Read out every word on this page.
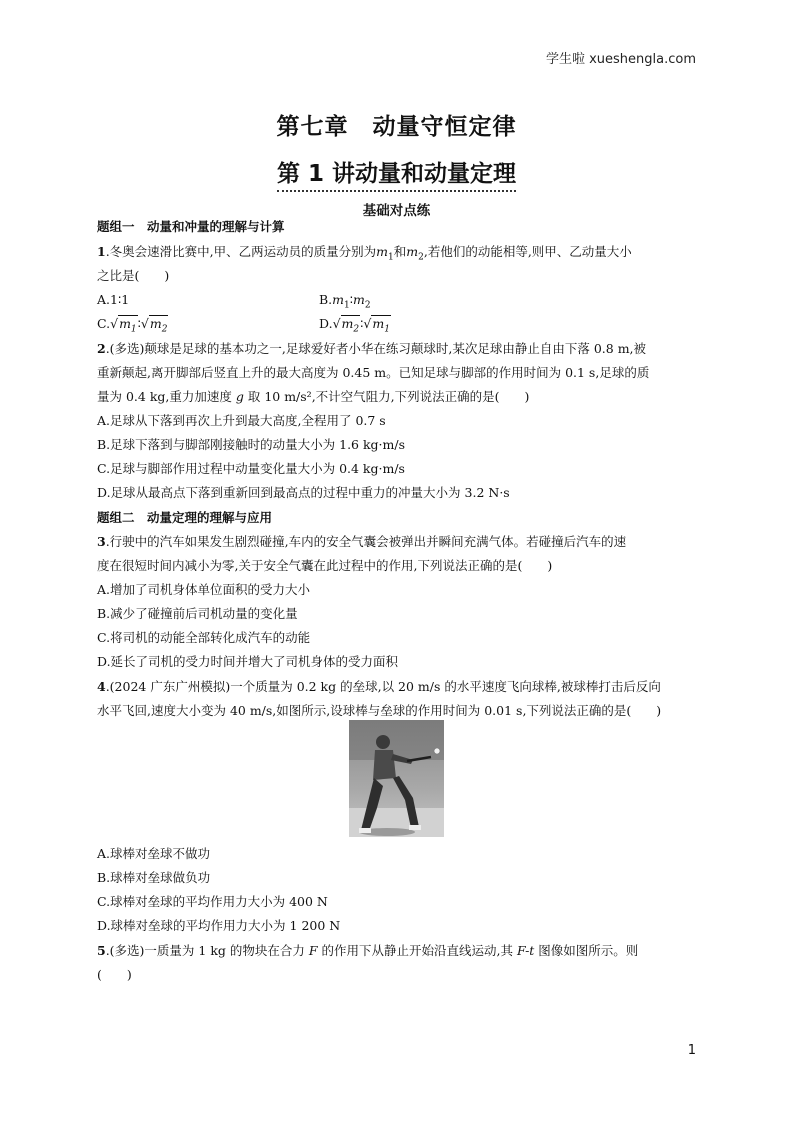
学生啦 xueshengla.com
第七章　动量守恒定律
第 1 讲动量和动量定理
基础对点练
题组一　动量和冲量的理解与计算
1.冬奥会速滑比赛中,甲、乙两运动员的质量分别为$m_1$和$m_2$,若他们的动能相等,则甲、乙动量大小
之比是(　　)
A.1∶1	$B.m_1∶m_2$
$C.√m_1∶√m_2$	$D.√m_2∶√m_1$
2.(多选)颠球是足球的基本功之一,足球爱好者小华在练习颠球时,某次足球由静止自由下落 0.8 m,被
重新颠起,离开脚部后竖直上升的最大高度为 0.45 m。已知足球与脚部的作用时间为 0.1 s,足球的质
量为 0.4 kg,重力加速度 g 取 10 m/s²,不计空气阻力,下列说法正确的是(　　)
A.足球从下落到再次上升到最大高度,全程用了 0.7 s
B.足球下落到与脚部刚接触时的动量大小为 1.6 kg·m/s
C.足球与脚部作用过程中动量变化量大小为 0.4 kg·m/s
D.足球从最高点下落到重新回到最高点的过程中重力的冲量大小为 3.2 N·s
题组二　动量定理的理解与应用
3.行驶中的汽车如果发生剧烈碰撞,车内的安全气囊会被弹出并瞬间充满气体。若碰撞后汽车的速
度在很短时间内减小为零,关于安全气囊在此过程中的作用,下列说法正确的是(　　)
A.增加了司机身体单位面积的受力大小
B.减少了碰撞前后司机动量的变化量
C.将司机的动能全部转化成汽车的动能
D.延长了司机的受力时间并增大了司机身体的受力面积
4.(2024 广东广州模拟)一个质量为 0.2 kg 的垒球,以 20 m/s 的水平速度飞向球棒,被球棒打击后反向
水平飞回,速度大小变为 40 m/s,如图所示,设球棒与垒球的作用时间为 0.01 s,下列说法正确的是(　　)
A.球棒对垒球不做功
B.球棒对垒球做负功
C.球棒对垒球的平均作用力大小为 400 N
D.球棒对垒球的平均作用力大小为 1 200 N
5.(多选)一质量为 1 kg 的物块在合力 F 的作用下从静止开始沿直线运动,其 F-t 图像如图所示。则
(　　)
1
